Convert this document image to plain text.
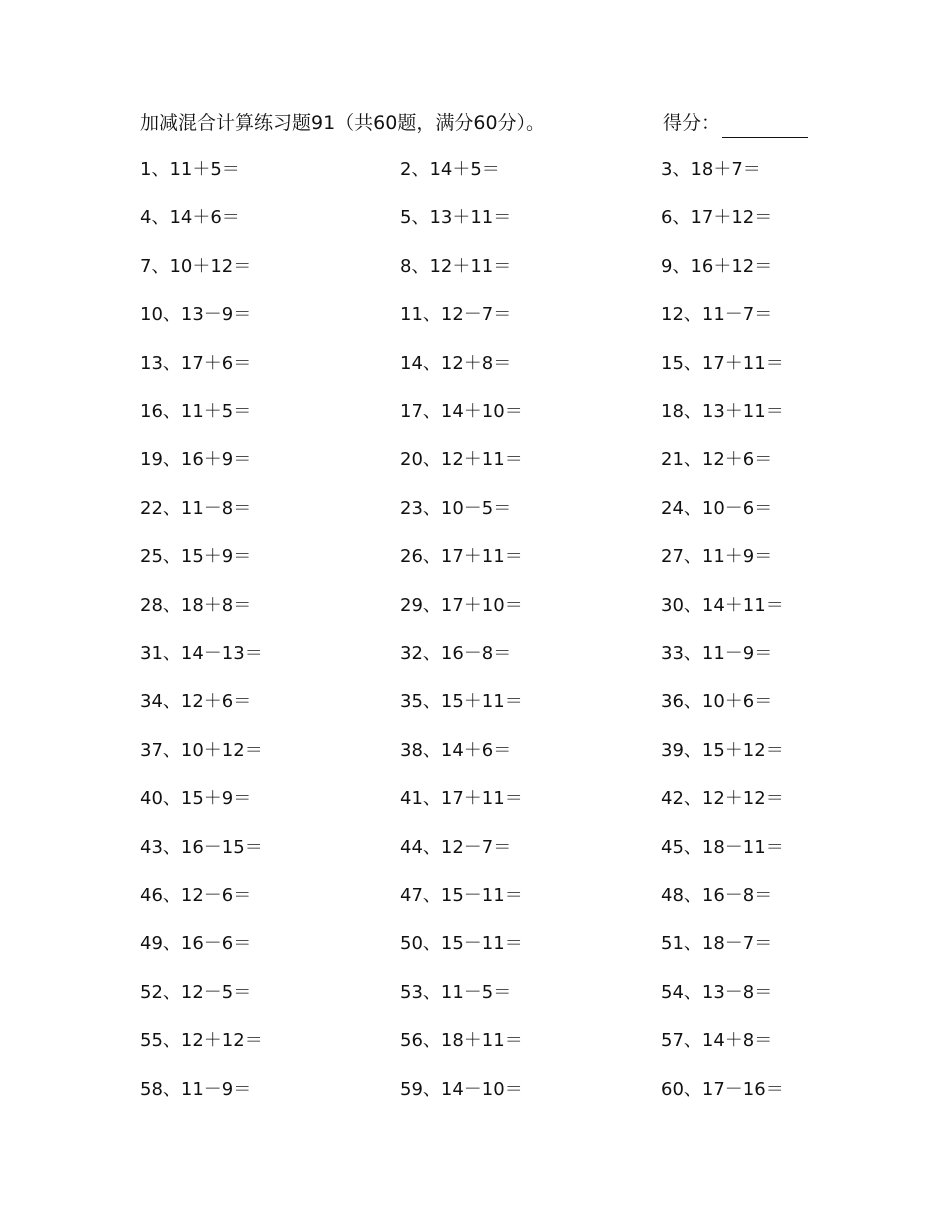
加减混合计算练习题91（共60题，满分60分）。	得分：
1、11＋5＝	2、14＋5＝	3、18＋7＝
4、14＋6＝	5、13＋11＝	6、17＋12＝
7、10＋12＝	8、12＋11＝	9、16＋12＝
10、13－9＝	11、12－7＝	12、11－7＝
13、17＋6＝	14、12＋8＝	15、17＋11＝
16、11＋5＝	17、14＋10＝	18、13＋11＝
19、16＋9＝	20、12＋11＝	21、12＋6＝
22、11－8＝	23、10－5＝	24、10－6＝
25、15＋9＝	26、17＋11＝	27、11＋9＝
28、18＋8＝	29、17＋10＝	30、14＋11＝
31、14－13＝	32、16－8＝	33、11－9＝
34、12＋6＝	35、15＋11＝	36、10＋6＝
37、10＋12＝	38、14＋6＝	39、15＋12＝
40、15＋9＝	41、17＋11＝	42、12＋12＝
43、16－15＝	44、12－7＝	45、18－11＝
46、12－6＝	47、15－11＝	48、16－8＝
49、16－6＝	50、15－11＝	51、18－7＝
52、12－5＝	53、11－5＝	54、13－8＝
55、12＋12＝	56、18＋11＝	57、14＋8＝
58、11－9＝	59、14－10＝	60、17－16＝
